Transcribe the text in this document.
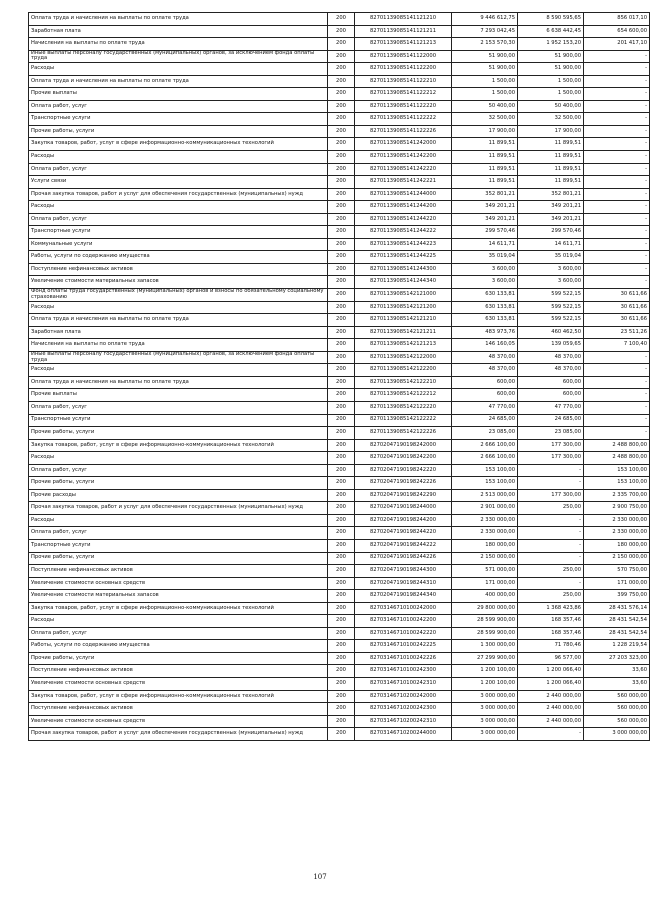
Оплата труда и начисления на выплаты по оплате труда	200	82701139085141121210	9 446 612,75	8 590 595,65	856 017,10
Заработная плата	200	82701139085141121211	7 293 042,45	6 638 442,45	654 600,00
Начисления на выплаты по оплате труда	200	82701139085141121213	2 153 570,30	1 952 153,20	201 417,10
Иные выплаты персоналу государственных (муниципальных) органов, за исключением фонда оплаты труда	200	82701139085141122000	51 900,00	51 900,00	-
Расходы	200	82701139085141122200	51 900,00	51 900,00	-
Оплата труда и начисления на выплаты по оплате труда	200	82701139085141122210	1 500,00	1 500,00	-
Прочие выплаты	200	82701139085141122212	1 500,00	1 500,00	-
Оплата работ, услуг	200	82701139085141122220	50 400,00	50 400,00	-
Транспортные услуги	200	82701139085141122222	32 500,00	32 500,00	-
Прочие работы, услуги	200	82701139085141122226	17 900,00	17 900,00	-
Закупка товаров, работ, услуг в сфере информационно-коммуникационных технологий	200	82701139085141242000	11 899,51	11 899,51	-
Расходы	200	82701139085141242200	11 899,51	11 899,51	-
Оплата работ, услуг	200	82701139085141242220	11 899,51	11 899,51	-
Услуги связи	200	82701139085141242221	11 899,51	11 899,51	-
Прочая закупка товаров, работ и услуг для обеспечения государственных (муниципальных) нужд	200	82701139085141244000	352 801,21	352 801,21	-
Расходы	200	82701139085141244200	349 201,21	349 201,21	-
Оплата работ, услуг	200	82701139085141244220	349 201,21	349 201,21	-
Транспортные услуги	200	82701139085141244222	299 570,46	299 570,46	-
Коммунальные услуги	200	82701139085141244223	14 611,71	14 611,71	-
Работы, услуги по содержанию имущества	200	82701139085141244225	35 019,04	35 019,04	-
Поступление нефинансовых активов	200	82701139085141244300	3 600,00	3 600,00	-
Увеличение стоимости материальных запасов	200	82701139085141244340	3 600,00	3 600,00	-
Фонд оплаты труда государственных (муниципальных) органов и взносы по обязательному социальному страхованию	200	82701139085142121000	630 133,81	599 522,15	30 611,66
Расходы	200	82701139085142121200	630 133,81	599 522,15	30 611,66
Оплата труда и начисления на выплаты по оплате труда	200	82701139085142121210	630 133,81	599 522,15	30 611,66
Заработная плата	200	82701139085142121211	483 973,76	460 462,50	23 511,26
Начисления на выплаты по оплате труда	200	82701139085142121213	146 160,05	139 059,65	7 100,40
Иные выплаты персоналу государственных (муниципальных) органов, за исключением фонда оплаты труда	200	82701139085142122000	48 370,00	48 370,00	-
Расходы	200	82701139085142122200	48 370,00	48 370,00	-
Оплата труда и начисления на выплаты по оплате труда	200	82701139085142122210	600,00	600,00	-
Прочие выплаты	200	82701139085142122212	600,00	600,00	-
Оплата работ, услуг	200	82701139085142122220	47 770,00	47 770,00	-
Транспортные услуги	200	82701139085142122222	24 685,00	24 685,00	-
Прочие работы, услуги	200	82701139085142122226	23 085,00	23 085,00	-
Закупка товаров, работ, услуг в сфере информационно-коммуникационных технологий	200	82702047190198242000	2 666 100,00	177 300,00	2 488 800,00
Расходы	200	82702047190198242200	2 666 100,00	177 300,00	2 488 800,00
Оплата работ, услуг	200	82702047190198242220	153 100,00	-	153 100,00
Прочие работы, услуги	200	82702047190198242226	153 100,00	-	153 100,00
Прочие расходы	200	82702047190198242290	2 513 000,00	177 300,00	2 335 700,00
Прочая закупка товаров, работ и услуг для обеспечения государственных (муниципальных) нужд	200	82702047190198244000	2 901 000,00	250,00	2 900 750,00
Расходы	200	82702047190198244200	2 330 000,00	-	2 330 000,00
Оплата работ, услуг	200	82702047190198244220	2 330 000,00	-	2 330 000,00
Транспортные услуги	200	82702047190198244222	180 000,00	-	180 000,00
Прочие работы, услуги	200	82702047190198244226	2 150 000,00	-	2 150 000,00
Поступление нефинансовых активов	200	82702047190198244300	571 000,00	250,00	570 750,00
Увеличение стоимости основных средств	200	82702047190198244310	171 000,00	-	171 000,00
Увеличение стоимости материальных запасов	200	82702047190198244340	400 000,00	250,00	399 750,00
Закупка товаров, работ, услуг в сфере информационно-коммуникационных технологий	200	82703146710100242000	29 800 000,00	1 368 423,86	28 431 576,14
Расходы	200	82703146710100242200	28 599 900,00	168 357,46	28 431 542,54
Оплата работ, услуг	200	82703146710100242220	28 599 900,00	168 357,46	28 431 542,54
Работы, услуги по содержанию имущества	200	82703146710100242225	1 300 000,00	71 780,46	1 228 219,54
Прочие работы, услуги	200	82703146710100242226	27 299 900,00	96 577,00	27 203 323,00
Поступление нефинансовых активов	200	82703146710100242300	1 200 100,00	1 200 066,40	33,60
Увеличение стоимости основных средств	200	82703146710100242310	1 200 100,00	1 200 066,40	33,60
Закупка товаров, работ, услуг в сфере информационно-коммуникационных технологий	200	82703146710200242000	3 000 000,00	2 440 000,00	560 000,00
Поступление нефинансовых активов	200	82703146710200242300	3 000 000,00	2 440 000,00	560 000,00
Увеличение стоимости основных средств	200	82703146710200242310	3 000 000,00	2 440 000,00	560 000,00
Прочая закупка товаров, работ и услуг для обеспечения государственных (муниципальных) нужд	200	82703146710200244000	3 000 000,00	-	3 000 000,00
107
